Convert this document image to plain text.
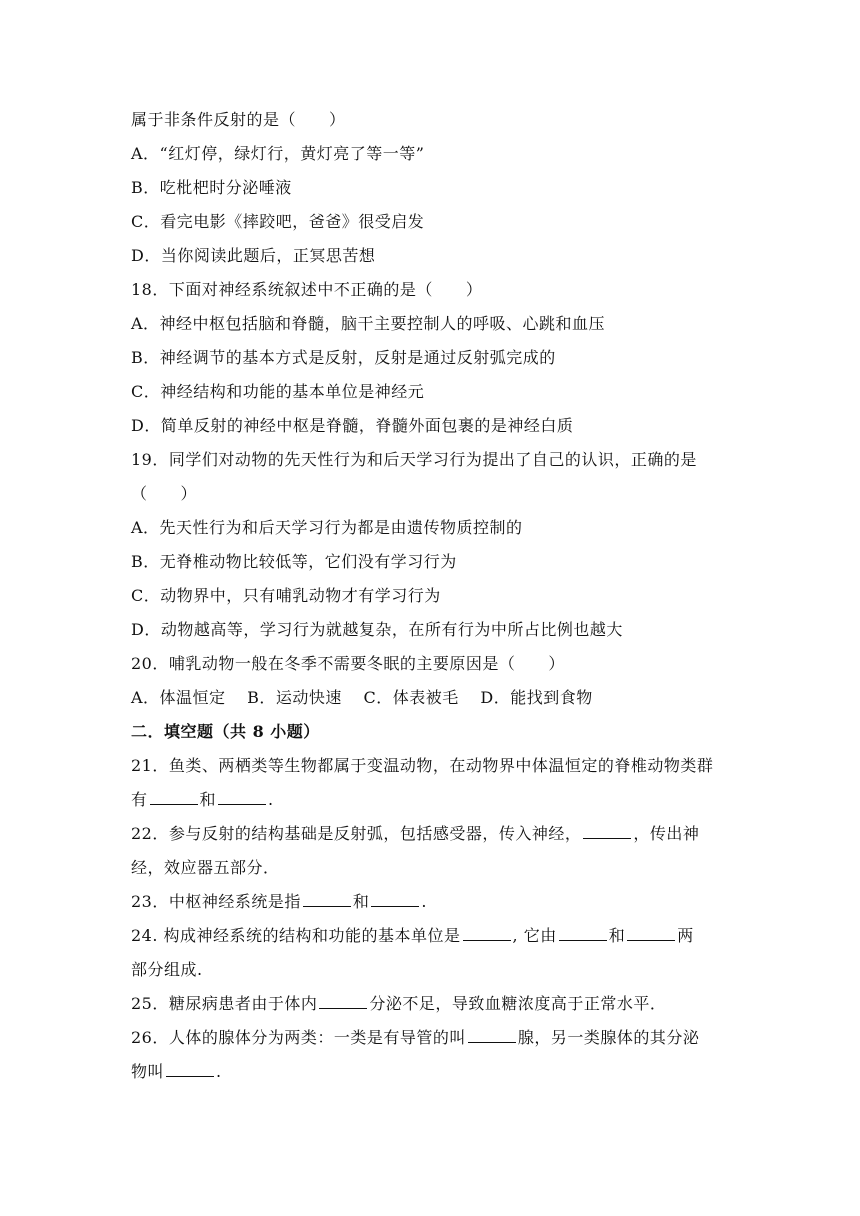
属于非条件反射的是（　　）
A．“红灯停，绿灯行，黄灯亮了等一等”
B．吃枇杷时分泌唾液
C．看完电影《摔跤吧，爸爸》很受启发
D．当你阅读此题后，正冥思苦想
18．下面对神经系统叙述中不正确的是（　　）
A．神经中枢包括脑和脊髓，脑干主要控制人的呼吸、心跳和血压
B．神经调节的基本方式是反射，反射是通过反射弧完成的
C．神经结构和功能的基本单位是神经元
D．简单反射的神经中枢是脊髓，脊髓外面包裹的是神经白质
19．同学们对动物的先天性行为和后天学习行为提出了自己的认识，正确的是
（　　）
A．先天性行为和后天学习行为都是由遗传物质控制的
B．无脊椎动物比较低等，它们没有学习行为
C．动物界中，只有哺乳动物才有学习行为
D．动物越高等，学习行为就越复杂，在所有行为中所占比例也越大
20．哺乳动物一般在冬季不需要冬眠的主要原因是（　　）
A．体温恒定 B．运动快速 C．体表被毛 D．能找到食物
二．填空题（共 8 小题）
21．鱼类、两栖类等生物都属于变温动物，在动物界中体温恒定的脊椎动物类群
有	和	.
22．参与反射的结构基础是反射弧，包括感受器，传入神经，	，传出神
经，效应器五部分．
23．中枢神经系统是指	和	.
24. 构成神经系统的结构和功能的基本单位是	, 它由	和	两
部分组成.
25．糖尿病患者由于体内	分泌不足，导致血糖浓度高于正常水平．
26．人体的腺体分为两类：一类是有导管的叫	腺，另一类腺体的其分泌
物叫	.
